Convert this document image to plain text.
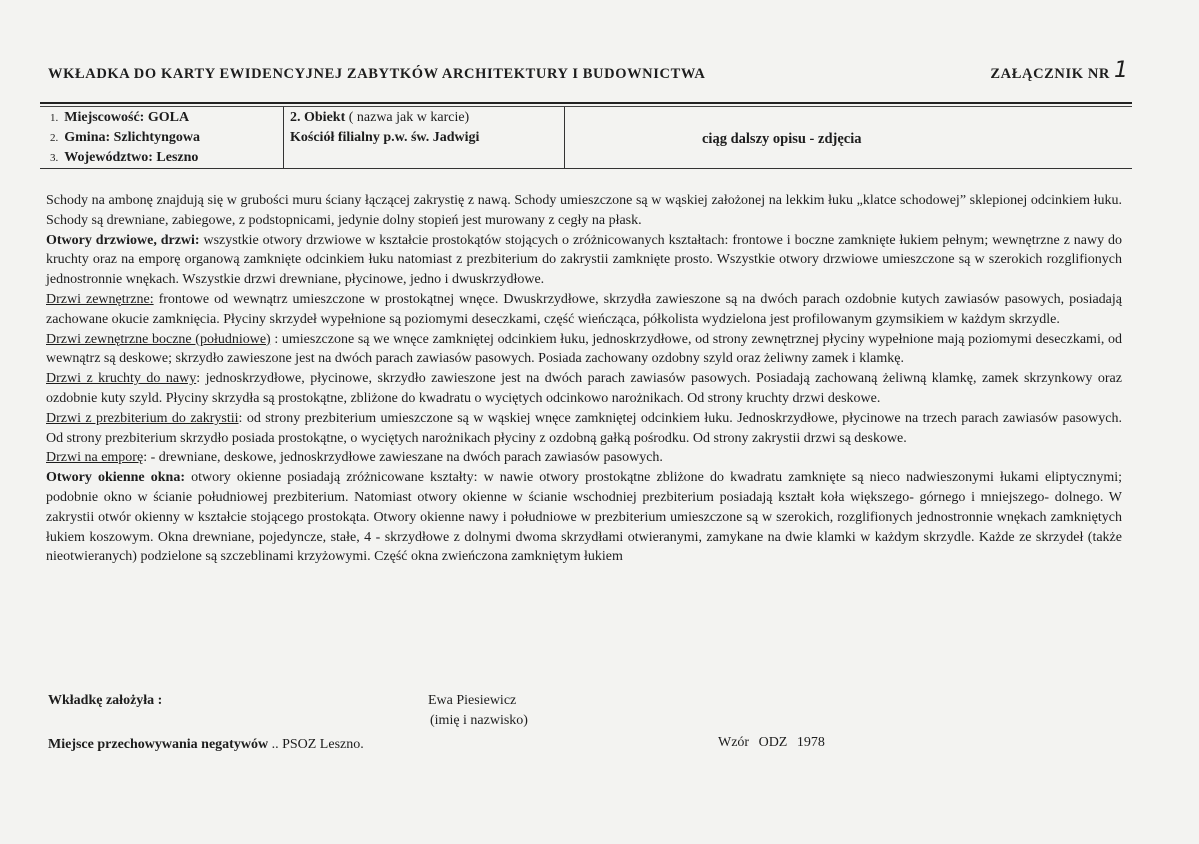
WKŁADKA DO KARTY EWIDENCYJNEJ ZABYTKÓW ARCHITEKTURY I BUDOWNICTWA	ZAŁĄCZNIK NR 1
1. Miejscowość: GOLA
2. Gmina: Szlichtyngowa
3. Województwo: Leszno
2. Obiekt ( nazwa jak w karcie)
Kościół filialny p.w. św. Jadwigi	ciąg dalszy opisu - zdjęcia

Schody na ambonę znajdują się w grubości muru ściany łączącej zakrystię z nawą. Schody umieszczone są w wąskiej założonej na lekkim łuku „klatce schodowej” sklepionej odcinkiem łuku. Schody są drewniane, zabiegowe, z podstopnicami, jedynie dolny stopień jest murowany z cegły na płask.

Otwory drzwiowe, drzwi: wszystkie otwory drzwiowe w kształcie prostokątów stojących o zróżnicowanych kształtach: frontowe i boczne zamknięte łukiem pełnym; wewnętrzne z nawy do kruchty oraz na emporę organową zamknięte odcinkiem łuku natomiast z prezbiterium do zakrystii zamknięte prosto. Wszystkie otwory drzwiowe umieszczone są w szerokich rozglifionych jednostronnie wnękach. Wszystkie drzwi drewniane, płycinowe, jedno i dwuskrzydłowe.

Drzwi zewnętrzne: frontowe od wewnątrz umieszczone w prostokątnej wnęce. Dwuskrzydłowe, skrzydła zawieszone są na dwóch parach ozdobnie kutych zawiasów pasowych, posiadają zachowane okucie zamknięcia. Płyciny skrzydeł wypełnione są poziomymi deseczkami, część wieńcząca, półkolista wydzielona jest profilowanym gzymsikiem w każdym skrzydle.

Drzwi zewnętrzne boczne (południowe) : umieszczone są we wnęce zamkniętej odcinkiem łuku, jednoskrzydłowe, od strony zewnętrznej płyciny wypełnione mają poziomymi deseczkami, od wewnątrz są deskowe; skrzydło zawieszone jest na dwóch parach zawiasów pasowych. Posiada zachowany ozdobny szyld oraz żeliwny zamek i klamkę.

Drzwi z kruchty do nawy: jednoskrzydłowe, płycinowe, skrzydło zawieszone jest na dwóch parach zawiasów pasowych. Posiadają zachowaną żeliwną klamkę, zamek skrzynkowy oraz ozdobnie kuty szyld. Płyciny skrzydła są prostokątne, zbliżone do kwadratu o wyciętych odcinkowo narożnikach. Od strony kruchty drzwi deskowe.

Drzwi z prezbiterium do zakrystii: od strony prezbiterium umieszczone są w wąskiej wnęce zamkniętej odcinkiem łuku. Jednoskrzydłowe, płycinowe na trzech parach zawiasów pasowych. Od strony prezbiterium skrzydło posiada prostokątne, o wyciętych narożnikach płyciny z ozdobną gałką pośrodku. Od strony zakrystii drzwi są deskowe.

Drzwi na emporę: - drewniane, deskowe, jednoskrzydłowe zawieszane na dwóch parach zawiasów pasowych.

Otwory okienne okna: otwory okienne posiadają zróżnicowane kształty: w nawie otwory prostokątne zbliżone do kwadratu zamknięte są nieco nadwieszonymi łukami eliptycznymi; podobnie okno w ścianie południowej prezbiterium. Natomiast otwory okienne w ścianie wschodniej prezbiterium posiadają kształt koła większego- górnego i mniejszego- dolnego. W zakrystii otwór okienny w kształcie stojącego prostokąta. Otwory okienne nawy i południowe w prezbiterium umieszczone są w szerokich, rozglifionych jednostronnie wnękach zamkniętych łukiem koszowym. Okna drewniane, pojedyncze, stałe, 4 - skrzydłowe z dolnymi dwoma skrzydłami otwieranymi, zamykane na dwie klamki w każdym skrzydle. Każde ze skrzydeł (także nieotwieranych) podzielone są szczeblinami krzyżowymi. Część okna zwieńczona zamkniętym łukiem

Wkładkę założyła :	Ewa Piesiewicz
(imię i nazwisko)
Miejsce przechowywania negatywów .. PSOZ Leszno.	Wzór ODZ 1978
